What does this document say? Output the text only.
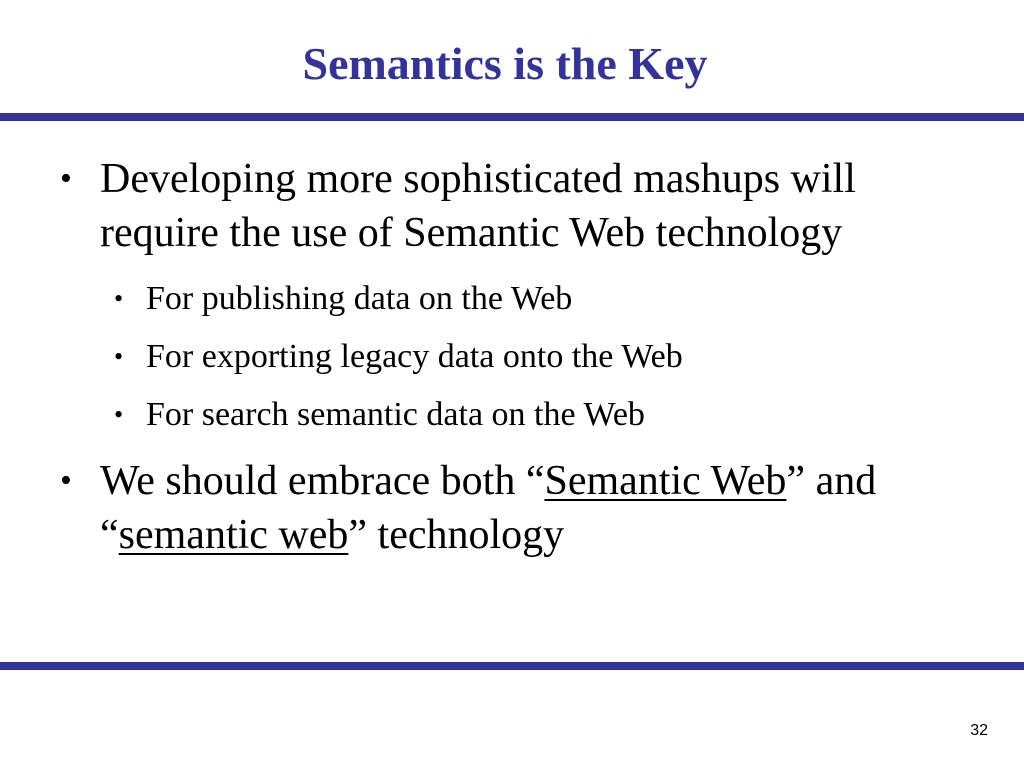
Semantics is the Key
• Developing more sophisticated mashups will require the use of Semantic Web technology
• For publishing data on the Web
• For exporting legacy data onto the Web
• For search semantic data on the Web
• We should embrace both “Semantic Web” and “semantic web” technology
32
